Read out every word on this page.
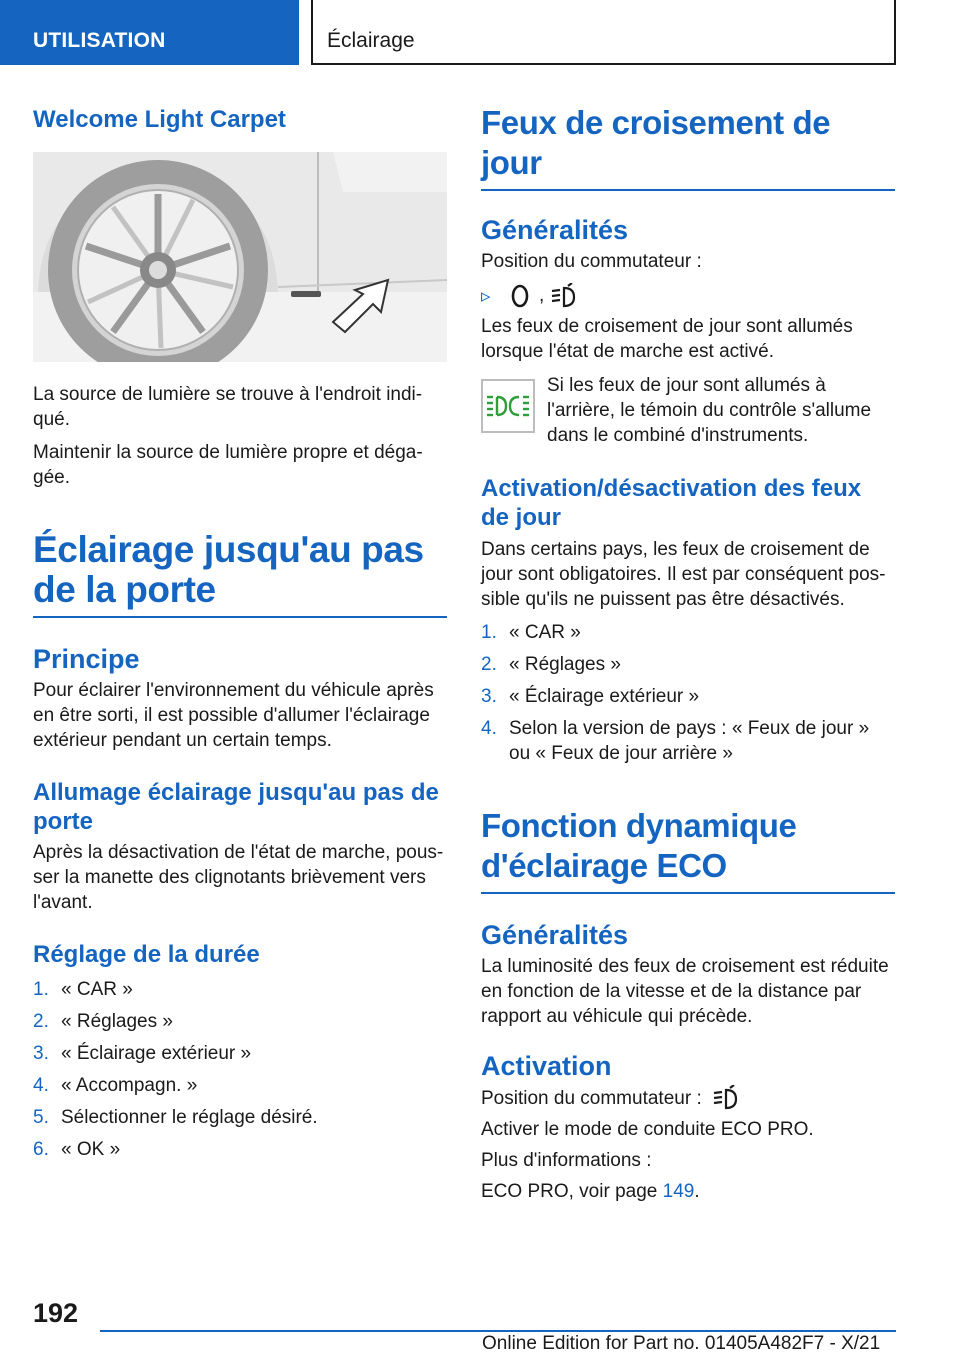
UTILISATION	Éclairage
Welcome Light Carpet

La source de lumière se trouve à l'endroit indi-qué.

Maintenir la source de lumière propre et déga-gée.

Éclairage jusqu'au pas de la porte
Principe

Pour éclairer l'environnement du véhicule après en être sorti, il est possible d'allumer l'éclairage extérieur pendant un certain temps.

Allumage éclairage jusqu'au pas de porte

Après la désactivation de l'état de marche, pous-ser la manette des clignotants brièvement vers l'avant.

Réglage de la durée
1. « CAR »
2. « Réglages »
3. « Éclairage extérieur »
4. « Accompagn. »
5. Sélectionner le réglage désiré.
6. « OK »
Feux de croisement de jour
Généralités

Position du commutateur :

▹	,

Les feux de croisement de jour sont allumés lorsque l'état de marche est activé.

Si les feux de jour sont allumés à l'arrière, le témoin du contrôle s'allume dans le combiné d'instruments.

Activation/désactivation des feux de jour

Dans certains pays, les feux de croisement de jour sont obligatoires. Il est par conséquent pos-sible qu'ils ne puissent pas être désactivés.

1. « CAR »
2. « Réglages »
3. « Éclairage extérieur »
4. Selon la version de pays : « Feux de jour » ou « Feux de jour arrière »
Fonction dynamique d'éclairage ECO
Généralités

La luminosité des feux de croisement est réduite en fonction de la vitesse et de la distance par rapport au véhicule qui précède.

Activation

Position du commutateur :

Activer le mode de conduite ECO PRO.

Plus d'informations :

ECO PRO, voir page 149.

192
Online Edition for Part no. 01405A482F7 - X/21
